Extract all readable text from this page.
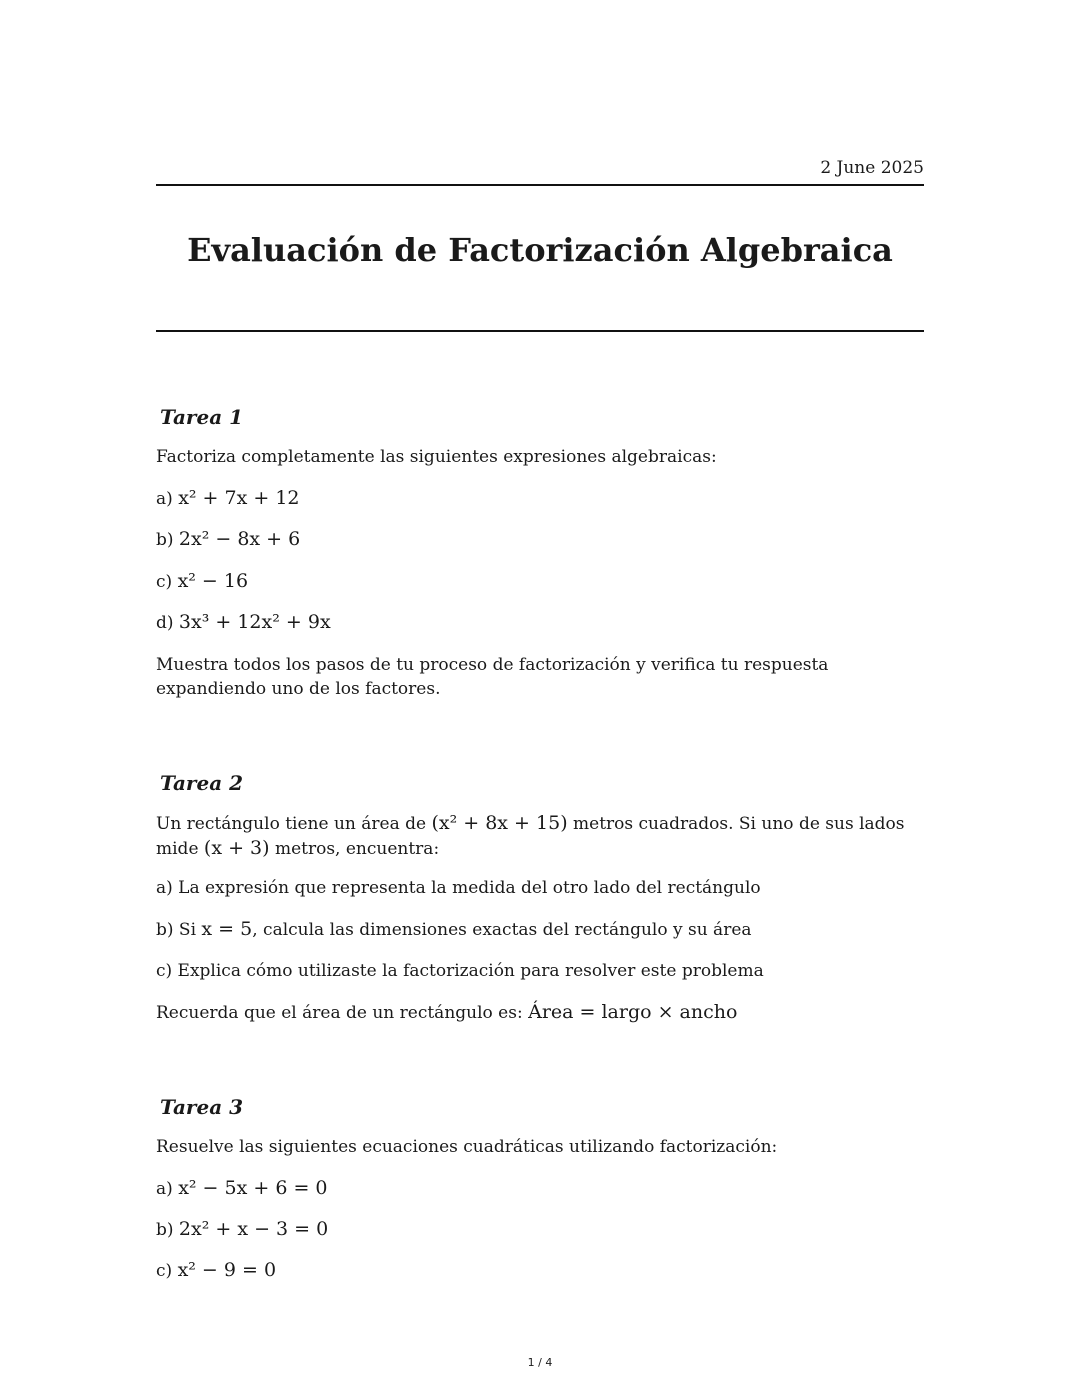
2 June 2025
Evaluación de Factorización Algebraica
Tarea 1
Factoriza completamente las siguientes expresiones algebraicas:
a) x² + 7x + 12
b) 2x² − 8x + 6
c) x² − 16
d) 3x³ + 12x² + 9x
Muestra todos los pasos de tu proceso de factorización y verifica tu respuesta expandiendo uno de los factores.
Tarea 2
Un rectángulo tiene un área de (x² + 8x + 15) metros cuadrados. Si uno de sus lados mide (x + 3) metros, encuentra:
a) La expresión que representa la medida del otro lado del rectángulo
b) Si x = 5, calcula las dimensiones exactas del rectángulo y su área
c) Explica cómo utilizaste la factorización para resolver este problema
Recuerda que el área de un rectángulo es: Área = largo × ancho
Tarea 3
Resuelve las siguientes ecuaciones cuadráticas utilizando factorización:
a) x² − 5x + 6 = 0
b) 2x² + x − 3 = 0
c) x² − 9 = 0
1 / 4
